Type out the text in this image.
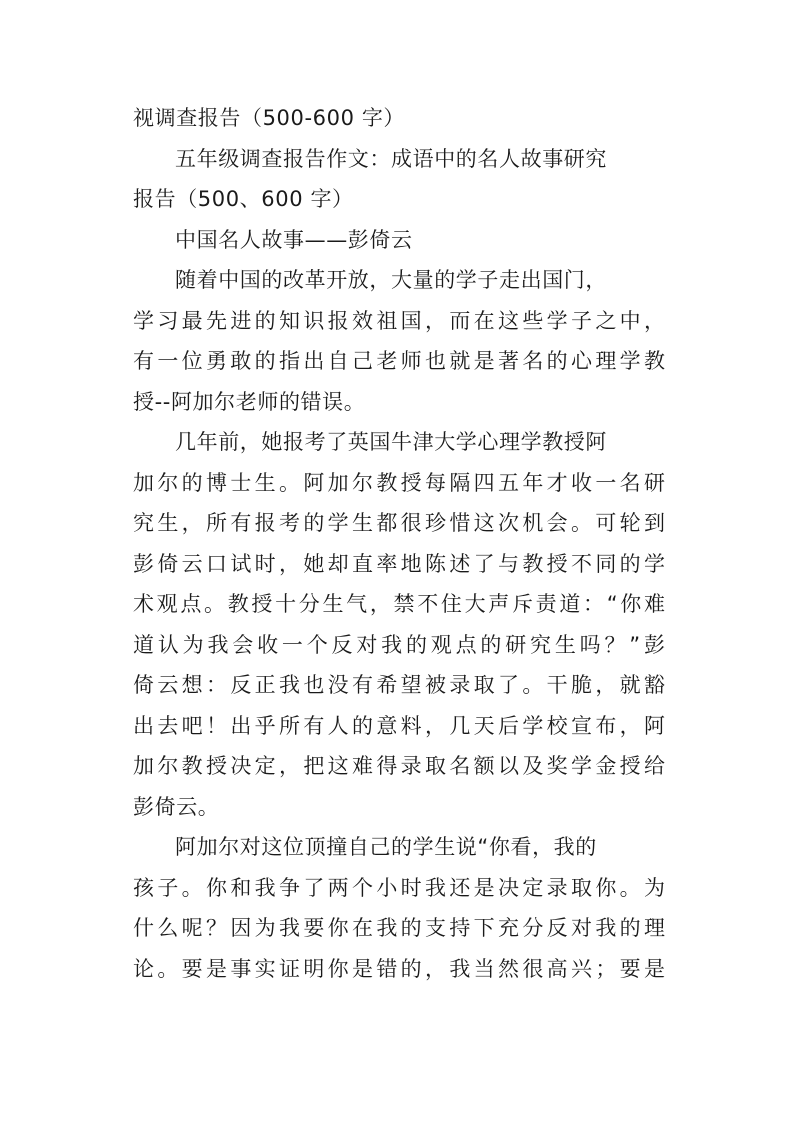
视调查报告（500-600 字）
五年级调查报告作文：成语中的名人故事研究
报告（500、600 字）
中国名人故事——彭倚云
随着中国的改革开放，大量的学子走出国门，
学习最先进的知识报效祖国，而在这些学子之中，
有一位勇敢的指出自己老师也就是著名的心理学教
授--阿加尔老师的错误。
几年前，她报考了英国牛津大学心理学教授阿
加尔的博士生。阿加尔教授每隔四五年才收一名研
究生，所有报考的学生都很珍惜这次机会。可轮到
彭倚云口试时，她却直率地陈述了与教授不同的学
术观点。教授十分生气，禁不住大声斥责道：“你难
道认为我会收一个反对我的观点的研究生吗？”彭
倚云想：反正我也没有希望被录取了。干脆，就豁
出去吧！出乎所有人的意料，几天后学校宣布，阿
加尔教授决定，把这难得录取名额以及奖学金授给
彭倚云。
阿加尔对这位顶撞自己的学生说“你看，我的
孩子。你和我争了两个小时我还是决定录取你。为
什么呢？因为我要你在我的支持下充分反对我的理
论。要是事实证明你是错的，我当然很高兴；要是
